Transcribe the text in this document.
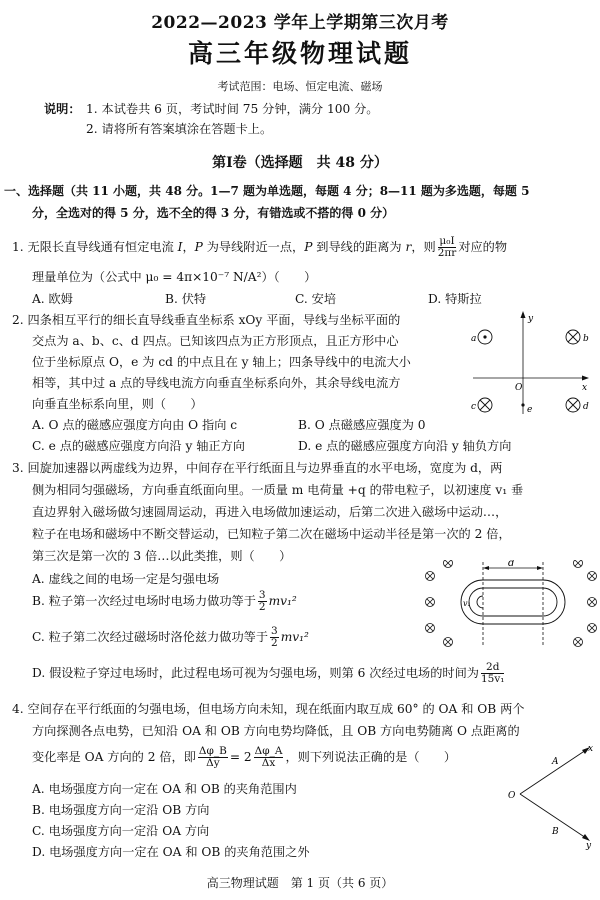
2022—2023 学年上学期第三次月考
高三年级物理试题
考试范围：电场、恒定电流、磁场
说明： 1. 本试卷共 6 页，考试时间 75 分钟，满分 100 分。
2. 请将所有答案填涂在答题卡上。
第Ⅰ卷（选择题　共 48 分）
一、选择题（共 11 小题，共 48 分。1—7 题为单选题，每题 4 分；8—11 题为多选题，每题 5
分，全选对的得 5 分，选不全的得 3 分，有错选或不搭的得 0 分）
1. 无限长直导线通有恒定电流 I，P 为导线附近一点，P 到导线的距离为 r，则 $\frac{\text{μ₀I}}{2\pi r}$ 对应的物
理量单位为（公式中 μ₀ = 4π×10⁻⁷ N/A²）（　　）
A. 欧姆	B. 伏特	C. 安培	D. 特斯拉
2. 四条相互平行的细长直导线垂直坐标系 xOy 平面，导线与坐标平面的
交点为 a、b、c、d 四点。已知该四点为正方形顶点，且正方形中心
位于坐标原点 O，e 为 cd 的中点且在 y 轴上；四条导线中的电流大小
相等，其中过 a 点的导线电流方向垂直坐标系向外，其余导线电流方
向垂直坐标系向里，则（　　）
A. O 点的磁感应强度方向由 O 指向 c	B. O 点磁感应强度为 0
C. e 点的磁感应强度方向沿 y 轴正方向	D. e 点的磁感应强度方向沿 y 轴负方向
y
x
O
a	b
c	d
e
3. 回旋加速器以两虚线为边界，中间存在平行纸面且与边界垂直的水平电场，宽度为 d，两
侧为相同匀强磁场，方向垂直纸面向里。一质量 m 电荷量 +q 的带电粒子，以初速度 v₁ 垂
直边界射入磁场做匀速圆周运动，再进入电场做加速运动，后第二次进入磁场中运动…，
粒子在电场和磁场中不断交替运动，已知粒子第二次在磁场中运动半径是第一次的 2 倍，
第三次是第一次的 3 倍…以此类推，则（　　）
A. 虚线之间的电场一定是匀强电场
B. 粒子第一次经过电场时电场力做功等于 $\frac{3}{2} mv_1^2$
C. 粒子第二次经过磁场时洛伦兹力做功等于 $\frac{3}{2} mv_1^2$
D. 假设粒子穿过电场时，此过程电场可视为匀强电场，则第 6 次经过电场的时间为 $\frac{2d}{\text{15v₁}}$
d
v₁
4. 空间存在平行纸面的匀强电场，但电场方向未知，现在纸面内取互成 60° 的 OA 和 OB 两个
方向探测各点电势，已知沿 OA 和 OB 方向电势均降低，且 OB 方向电势随离 O 点距离的
变化率是 OA 方向的 2 倍，即 $\frac{\Delta\varphi\_B}{\Delta y} = 2 \frac{\Delta\varphi\_A}{\Delta x}$ ，则下列说法正确的是（　　）
A. 电场强度方向一定在 OA 和 OB 的夹角范围内
B. 电场强度方向一定沿 OB 方向
C. 电场强度方向一定沿 OA 方向
D. 电场强度方向一定在 OA 和 OB 的夹角范围之外
O
A
B
x
y
高三物理试题　第 1 页（共 6 页）
